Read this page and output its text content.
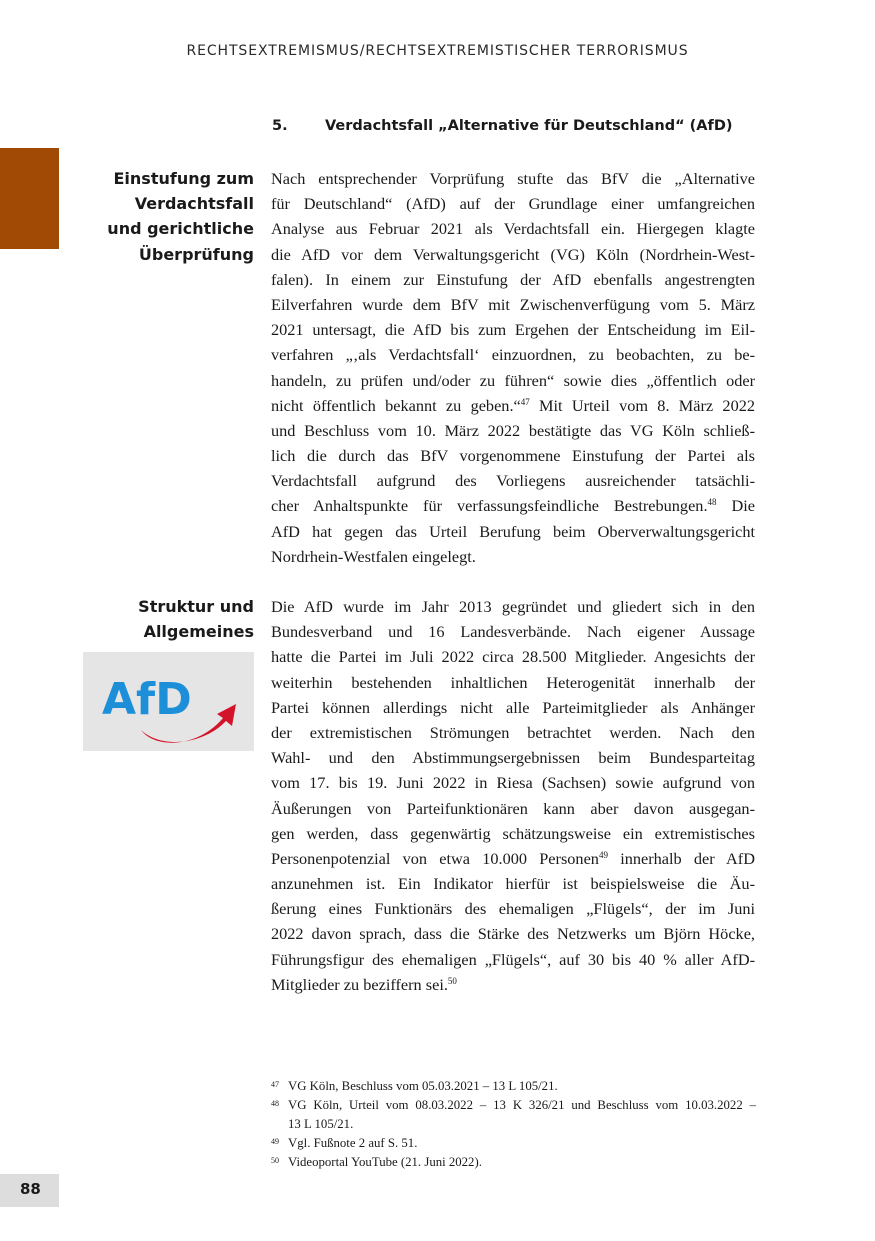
RECHTSEXTREMISMUS/RECHTSEXTREMISTISCHER TERRORISMUS
5.	Verdachtsfall „Alternative für Deutschland“ (AfD)
Einstufung zum
Verdachtsfall
und gerichtliche
Überprüfung
Nach entsprechender Vorprüfung stufte das BfV die „Alternative
für Deutschland“ (AfD) auf der Grundlage einer umfangreichen
Analyse aus Februar 2021 als Verdachtsfall ein. Hiergegen klagte
die AfD vor dem Verwaltungsgericht (VG) Köln (Nordrhein-West-
falen). In einem zur Einstufung der AfD ebenfalls angestrengten
Eilverfahren wurde dem BfV mit Zwischenverfügung vom 5. März
2021 untersagt, die AfD bis zum Ergehen der Entscheidung im Eil-
verfahren „‚als Verdachtsfall‘ einzuordnen, zu beobachten, zu be-
handeln, zu prüfen und/oder zu führen“ sowie dies „öffentlich oder
nicht öffentlich bekannt zu geben.“$^{47}$ Mit Urteil vom 8. März 2022
und Beschluss vom 10. März 2022 bestätigte das VG Köln schließ-
lich die durch das BfV vorgenommene Einstufung der Partei als
Verdachtsfall aufgrund des Vorliegens ausreichender tatsächli-
cher Anhaltspunkte für verfassungsfeindliche Bestrebungen.$^{48}$ Die
AfD hat gegen das Urteil Berufung beim Oberverwaltungsgericht
Nordrhein-Westfalen eingelegt.
Struktur und
Allgemeines
AfD
Die AfD wurde im Jahr 2013 gegründet und gliedert sich in den
Bundesverband und 16 Landesverbände. Nach eigener Aussage
hatte die Partei im Juli 2022 circa 28.500 Mitglieder. Angesichts der
weiterhin bestehenden inhaltlichen Heterogenität innerhalb der
Partei können allerdings nicht alle Parteimitglieder als Anhänger
der extremistischen Strömungen betrachtet werden. Nach den
Wahl- und den Abstimmungsergebnissen beim Bundesparteitag
vom 17. bis 19. Juni 2022 in Riesa (Sachsen) sowie aufgrund von
Äußerungen von Parteifunktionären kann aber davon ausgegan-
gen werden, dass gegenwärtig schätzungsweise ein extremistisches
Personenpotenzial von etwa 10.000 Personen$^{49}$ innerhalb der AfD
anzunehmen ist. Ein Indikator hierfür ist beispielsweise die Äu-
ßerung eines Funktionärs des ehemaligen „Flügels“, der im Juni
2022 davon sprach, dass die Stärke des Netzwerks um Björn Höcke,
Führungsfigur des ehemaligen „Flügels“, auf 30 bis 40 % aller AfD-
Mitglieder zu beziffern sei.$^{50}$
47 VG Köln, Beschluss vom 05.03.2021 – 13 L 105/21.
48 VG Köln, Urteil vom 08.03.2022 – 13 K 326/21 und Beschluss vom 10.03.2022 –
13 L 105/21.
49 Vgl. Fußnote 2 auf S. 51.
50 Videoportal YouTube (21. Juni 2022).
88
